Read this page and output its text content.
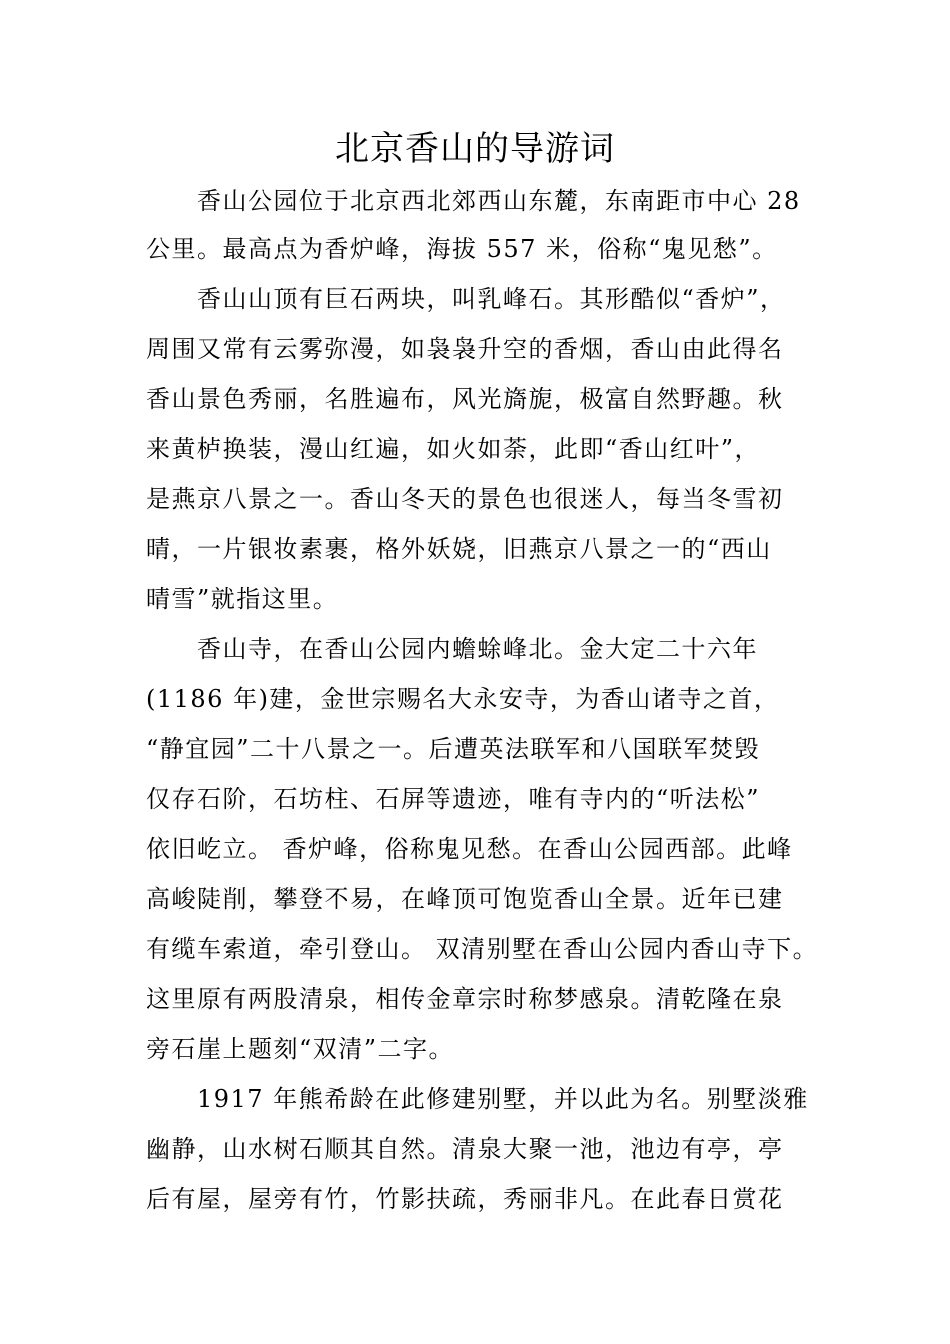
北京香山的导游词
　　香山公园位于北京西北郊西山东麓，东南距市中心 28
公里。最高点为香炉峰，海拔 557 米，俗称“鬼见愁”。
　　香山山顶有巨石两块，叫乳峰石。其形酷似“香炉”，
周围又常有云雾弥漫，如袅袅升空的香烟，香山由此得名
香山景色秀丽，名胜遍布，风光旖旎，极富自然野趣。秋
来黄栌换装，漫山红遍，如火如荼，此即“香山红叶”，
是燕京八景之一。香山冬天的景色也很迷人，每当冬雪初
晴，一片银妆素裹，格外妖娆，旧燕京八景之一的“西山
晴雪”就指这里。
　　香山寺，在香山公园内蟾蜍峰北。金大定二十六年
(1186 年)建，金世宗赐名大永安寺，为香山诸寺之首，
“静宜园”二十八景之一。后遭英法联军和八国联军焚毁
仅存石阶，石坊柱、石屏等遗迹，唯有寺内的“听法松”
依旧屹立。 香炉峰，俗称鬼见愁。在香山公园西部。此峰
高峻陡削，攀登不易，在峰顶可饱览香山全景。近年已建
有缆车索道，牵引登山。 双清别墅在香山公园内香山寺下。
这里原有两股清泉，相传金章宗时称梦感泉。清乾隆在泉
旁石崖上题刻“双清”二字。
　　1917 年熊希龄在此修建别墅，并以此为名。别墅淡雅
幽静，山水树石顺其自然。清泉大聚一池，池边有亭，亭
后有屋，屋旁有竹，竹影扶疏，秀丽非凡。在此春日赏花
